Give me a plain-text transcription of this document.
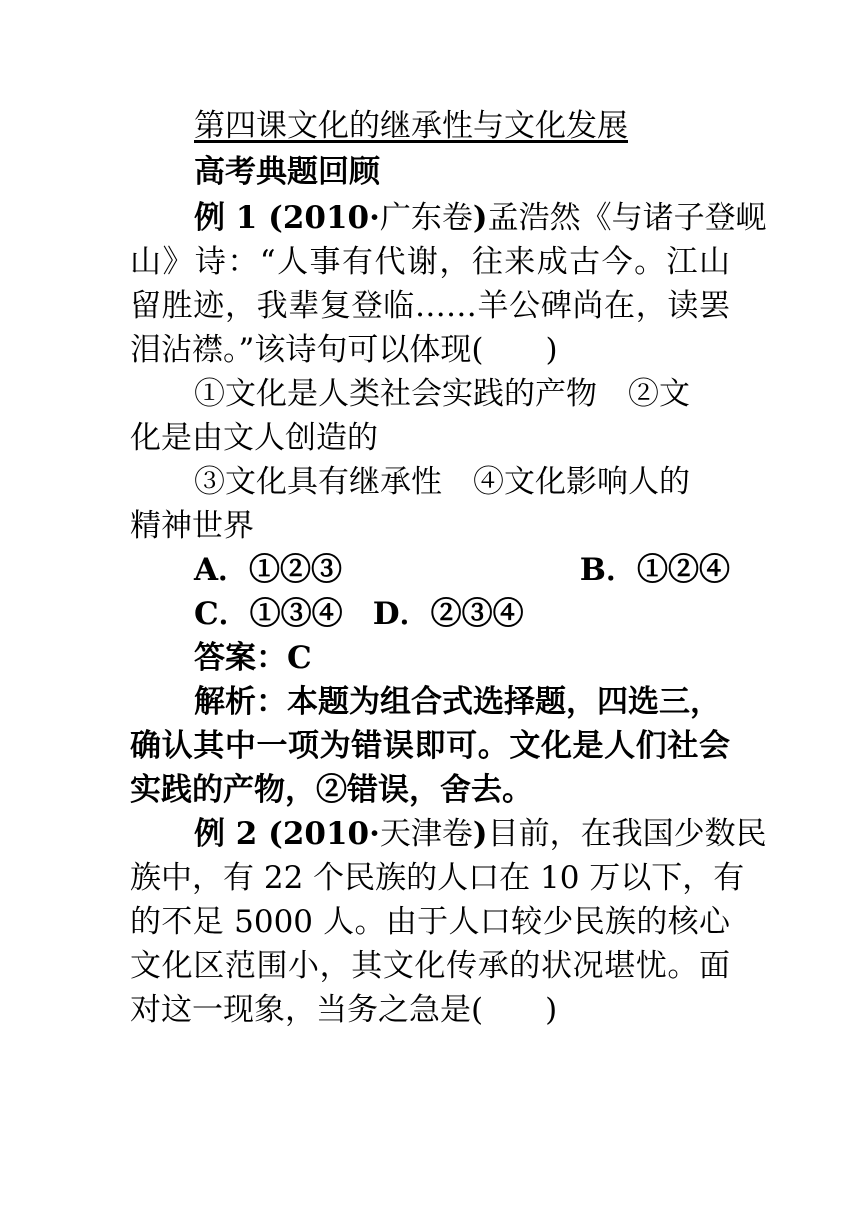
第四课文化的继承性与文化发展
高考典题回顾
例 1 (2010·广东卷)孟浩然《与诸子登岘
山》诗：“人事有代谢，往来成古今。江山
留胜迹，我辈复登临……羊公碑尚在，读罢
泪沾襟。”该诗句可以体现(　　)
①文化是人类社会实践的产物　②文
化是由文人创造的
③文化具有继承性　④文化影响人的
精神世界
A．①②③	B．①②④
C．①③④ D．②③④
答案：C
解析：本题为组合式选择题，四选三，
确认其中一项为错误即可。文化是人们社会
实践的产物，②错误，舍去。
例 2 (2010·天津卷)目前，在我国少数民
族中，有 22 个民族的人口在 10 万以下，有
的不足 5000 人。由于人口较少民族的核心
文化区范围小，其文化传承的状况堪忧。面
对这一现象，当务之急是(　　)
